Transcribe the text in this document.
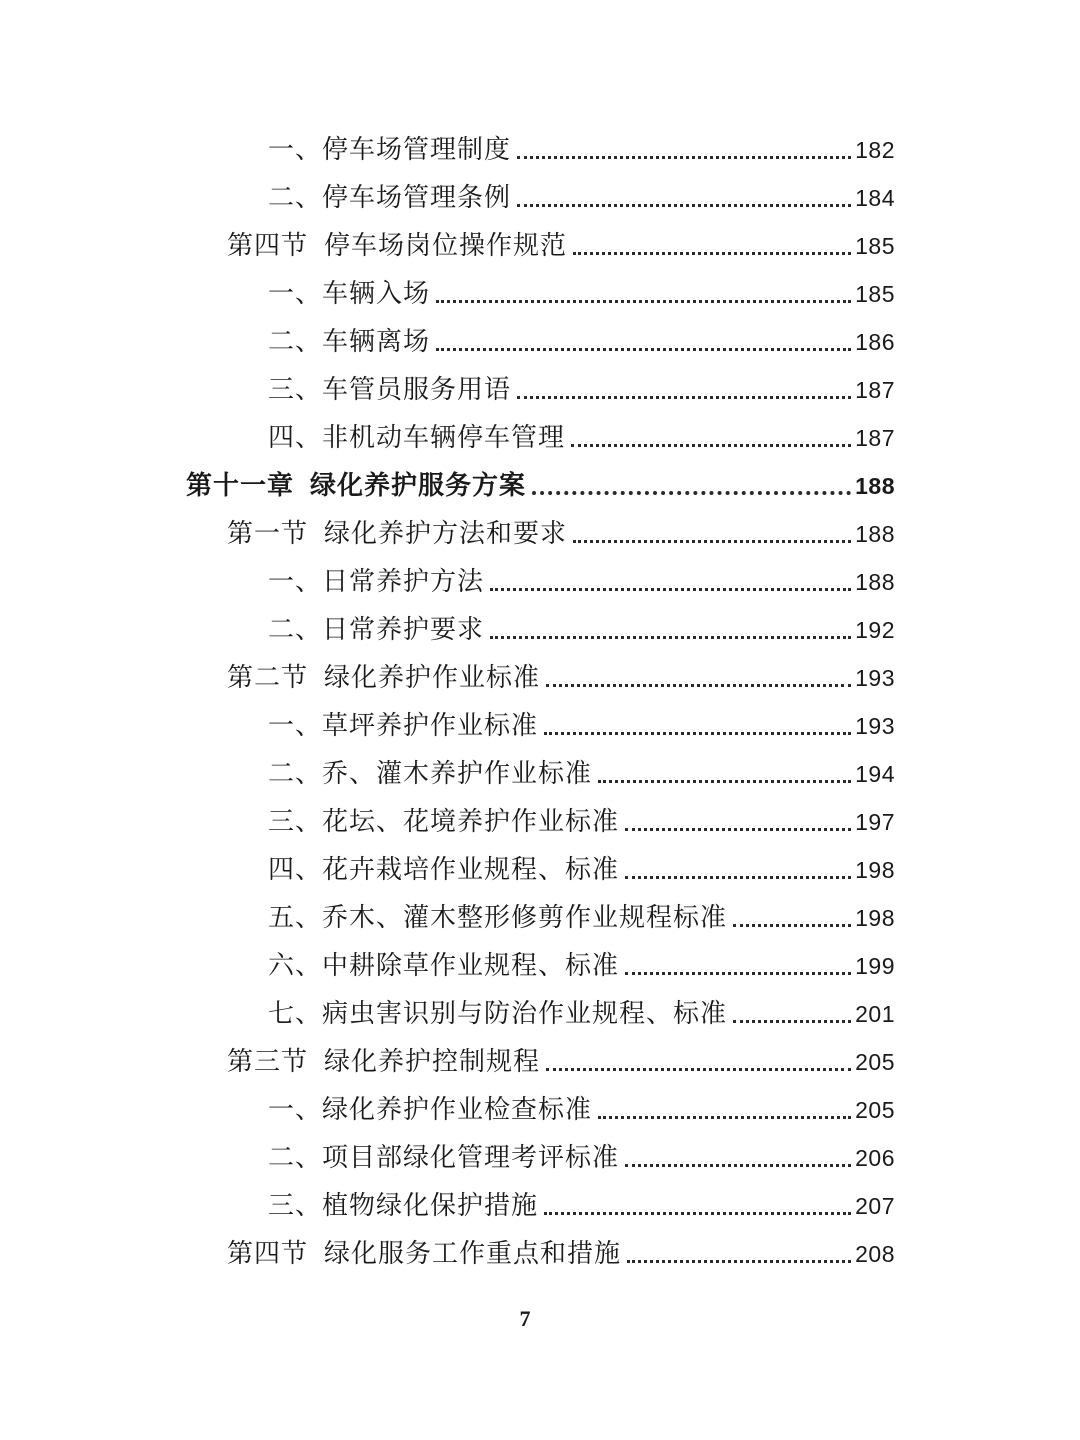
一、 停车场管理制度	182
二、 停车场管理条例	184
第四节 停车场岗位操作规范	185
一、 车辆入场	185
二、 车辆离场	186
三、 车管员服务用语	187
四、 非机动车辆停车管理	187
第十一章 绿化养护服务方案	188
第一节 绿化养护方法和要求	188
一、 日常养护方法	188
二、 日常养护要求	192
第二节 绿化养护作业标准	193
一、 草坪养护作业标准	193
二、 乔、灌木养护作业标准	194
三、 花坛、花境养护作业标准	197
四、 花卉栽培作业规程、标准	198
五、 乔木、灌木整形修剪作业规程标准	198
六、 中耕除草作业规程、标准	199
七、 病虫害识别与防治作业规程、标准	201
第三节 绿化养护控制规程	205
一、 绿化养护作业检查标准	205
二、 项目部绿化管理考评标准	206
三、 植物绿化保护措施	207
第四节 绿化服务工作重点和措施	208
7
